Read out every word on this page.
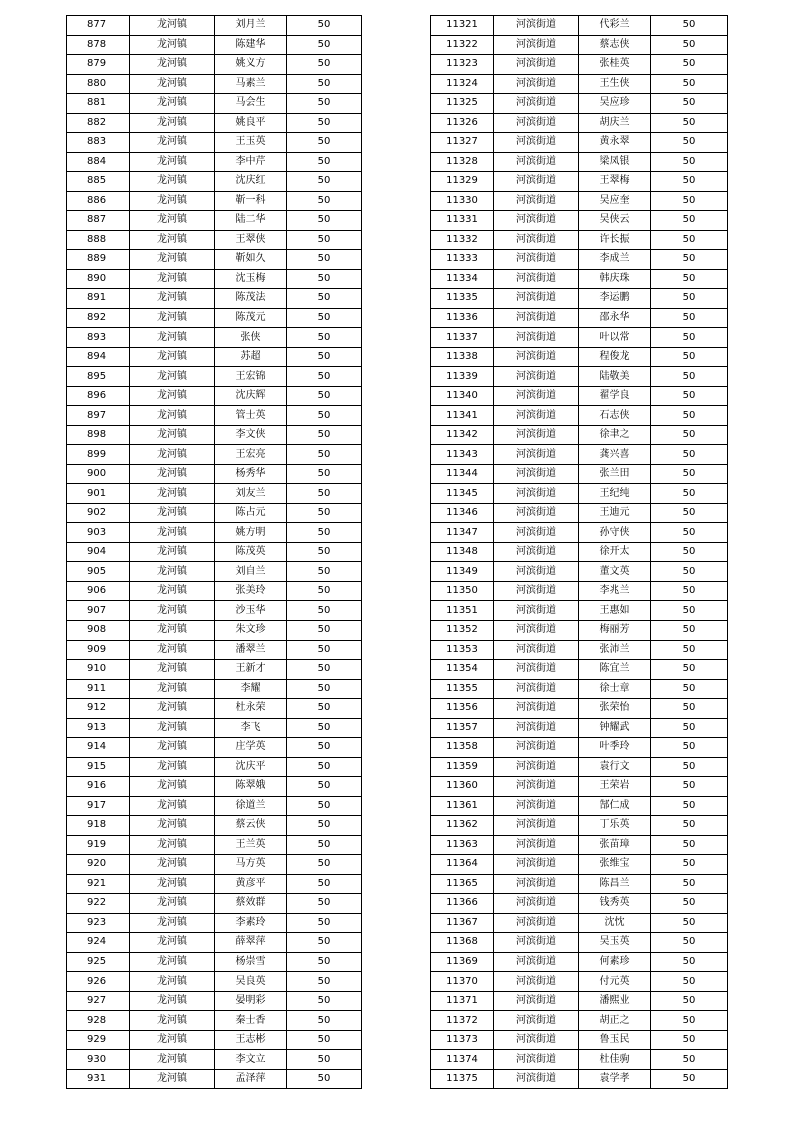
877	龙河镇	刘月兰	50
878	龙河镇	陈建华	50
879	龙河镇	姚义方	50
880	龙河镇	马素兰	50
881	龙河镇	马会生	50
882	龙河镇	姚良平	50
883	龙河镇	王玉英	50
884	龙河镇	李中芹	50
885	龙河镇	沈庆红	50
886	龙河镇	靳一科	50
887	龙河镇	陆二华	50
888	龙河镇	王翠侠	50
889	龙河镇	靳如久	50
890	龙河镇	沈玉梅	50
891	龙河镇	陈茂法	50
892	龙河镇	陈茂元	50
893	龙河镇	张侠	50
894	龙河镇	苏超	50
895	龙河镇	王宏锦	50
896	龙河镇	沈庆辉	50
897	龙河镇	管士英	50
898	龙河镇	李文侠	50
899	龙河镇	王宏亮	50
900	龙河镇	杨秀华	50
901	龙河镇	刘友兰	50
902	龙河镇	陈占元	50
903	龙河镇	姚方明	50
904	龙河镇	陈茂英	50
905	龙河镇	刘自兰	50
906	龙河镇	张美玲	50
907	龙河镇	沙玉华	50
908	龙河镇	朱文珍	50
909	龙河镇	潘翠兰	50
910	龙河镇	王新才	50
911	龙河镇	李耀	50
912	龙河镇	杜永荣	50
913	龙河镇	李飞	50
914	龙河镇	庄学英	50
915	龙河镇	沈庆平	50
916	龙河镇	陈翠娥	50
917	龙河镇	徐道兰	50
918	龙河镇	蔡云侠	50
919	龙河镇	王兰英	50
920	龙河镇	马方英	50
921	龙河镇	黄彦平	50
922	龙河镇	蔡效群	50
923	龙河镇	李素玲	50
924	龙河镇	薛翠萍	50
925	龙河镇	杨崇雪	50
926	龙河镇	吴良英	50
927	龙河镇	晏明彩	50
928	龙河镇	秦士香	50
929	龙河镇	王志彬	50
930	龙河镇	李文立	50
931	龙河镇	孟泽萍	50
11321	河滨街道	代彩兰	50
11322	河滨街道	蔡志侠	50
11323	河滨街道	张桂英	50
11324	河滨街道	王生侠	50
11325	河滨街道	吴应珍	50
11326	河滨街道	胡庆兰	50
11327	河滨街道	黄永翠	50
11328	河滨街道	梁凤银	50
11329	河滨街道	王翠梅	50
11330	河滨街道	吴应奎	50
11331	河滨街道	吴侠云	50
11332	河滨街道	许长振	50
11333	河滨街道	李成兰	50
11334	河滨街道	韩庆珠	50
11335	河滨街道	李运鹏	50
11336	河滨街道	邵永华	50
11337	河滨街道	叶以常	50
11338	河滨街道	程俊龙	50
11339	河滨街道	陆敬美	50
11340	河滨街道	翟学良	50
11341	河滨街道	石志侠	50
11342	河滨街道	徐聿之	50
11343	河滨街道	龚兴喜	50
11344	河滨街道	张兰田	50
11345	河滨街道	王纪纯	50
11346	河滨街道	王迪元	50
11347	河滨街道	孙守侠	50
11348	河滨街道	徐开太	50
11349	河滨街道	董文英	50
11350	河滨街道	李兆兰	50
11351	河滨街道	王惠如	50
11352	河滨街道	梅丽芳	50
11353	河滨街道	张沛兰	50
11354	河滨街道	陈宜兰	50
11355	河滨街道	徐士章	50
11356	河滨街道	张荣怡	50
11357	河滨街道	钟耀武	50
11358	河滨街道	叶季玲	50
11359	河滨街道	袁行文	50
11360	河滨街道	王荣岩	50
11361	河滨街道	郜仁成	50
11362	河滨街道	丁乐英	50
11363	河滨街道	张苗璋	50
11364	河滨街道	张维宝	50
11365	河滨街道	陈昌兰	50
11366	河滨街道	钱秀英	50
11367	河滨街道	沈忱	50
11368	河滨街道	吴玉英	50
11369	河滨街道	何素珍	50
11370	河滨街道	付元英	50
11371	河滨街道	潘熙业	50
11372	河滨街道	胡正之	50
11373	河滨街道	鲁玉民	50
11374	河滨街道	杜佳驹	50
11375	河滨街道	袁学孝	50
